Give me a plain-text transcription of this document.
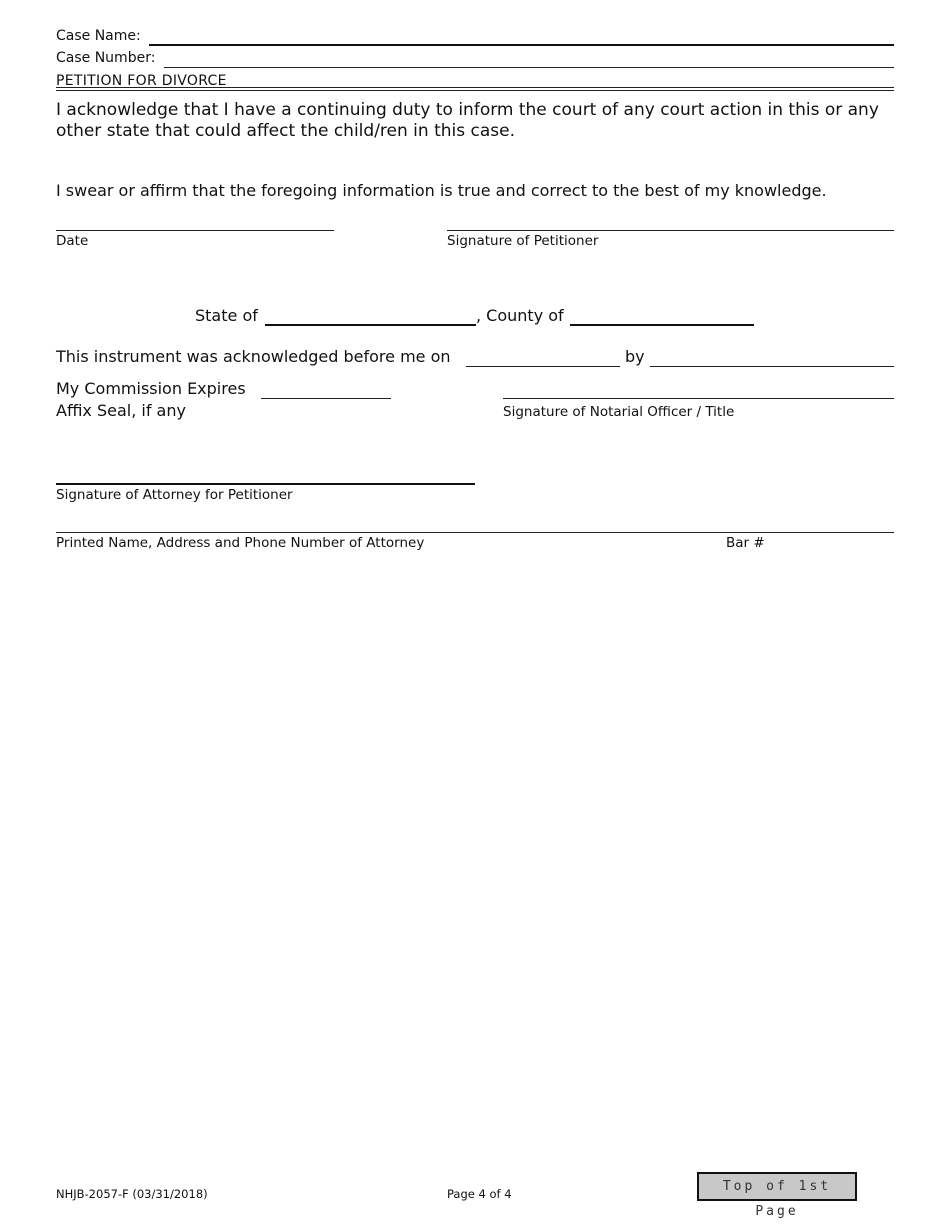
Case Name:
Case Number:
PETITION FOR DIVORCE
I acknowledge that I have a continuing duty to inform the court of any court action in this or any other state that could affect the child/ren in this case.
I swear or affirm that the foregoing information is true and correct to the best of my knowledge.
Date	Signature of Petitioner
State of	, County of
This instrument was acknowledged before me on	by
My Commission Expires
Affix Seal, if any	Signature of Notarial Officer / Title
Signature of Attorney for Petitioner
Printed Name, Address and Phone Number of Attorney	Bar #
NHJB-2057-F (03/31/2018)	Page 4 of 4	Top of 1st Page
